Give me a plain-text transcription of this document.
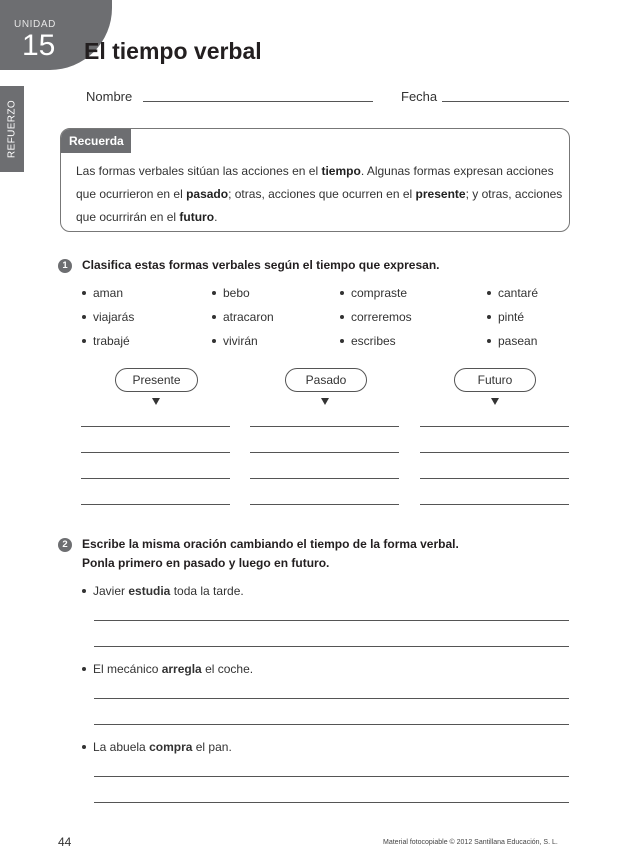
UNIDAD
15
REFUERZO
El tiempo verbal
Nombre	Fecha
Recuerda
Las formas verbales sitúan las acciones en el tiempo. Algunas formas expresan acciones que ocurrieron en el pasado; otras, acciones que ocurren en el presente; y otras, acciones que ocurrirán en el futuro.
1	Clasifica estas formas verbales según el tiempo que expresan.
aman
viajarás
trabajé
bebo
atracaron
vivirán
compraste
correremos
escribes
cantaré
pinté
pasean
Presente	Pasado	Futuro
2	Escribe la misma oración cambiando el tiempo de la forma verbal.
Ponla primero en pasado y luego en futuro.
Javier estudia toda la tarde.
El mecánico arregla el coche.
La abuela compra el pan.
44	Material fotocopiable © 2012 Santillana Educación, S. L.
